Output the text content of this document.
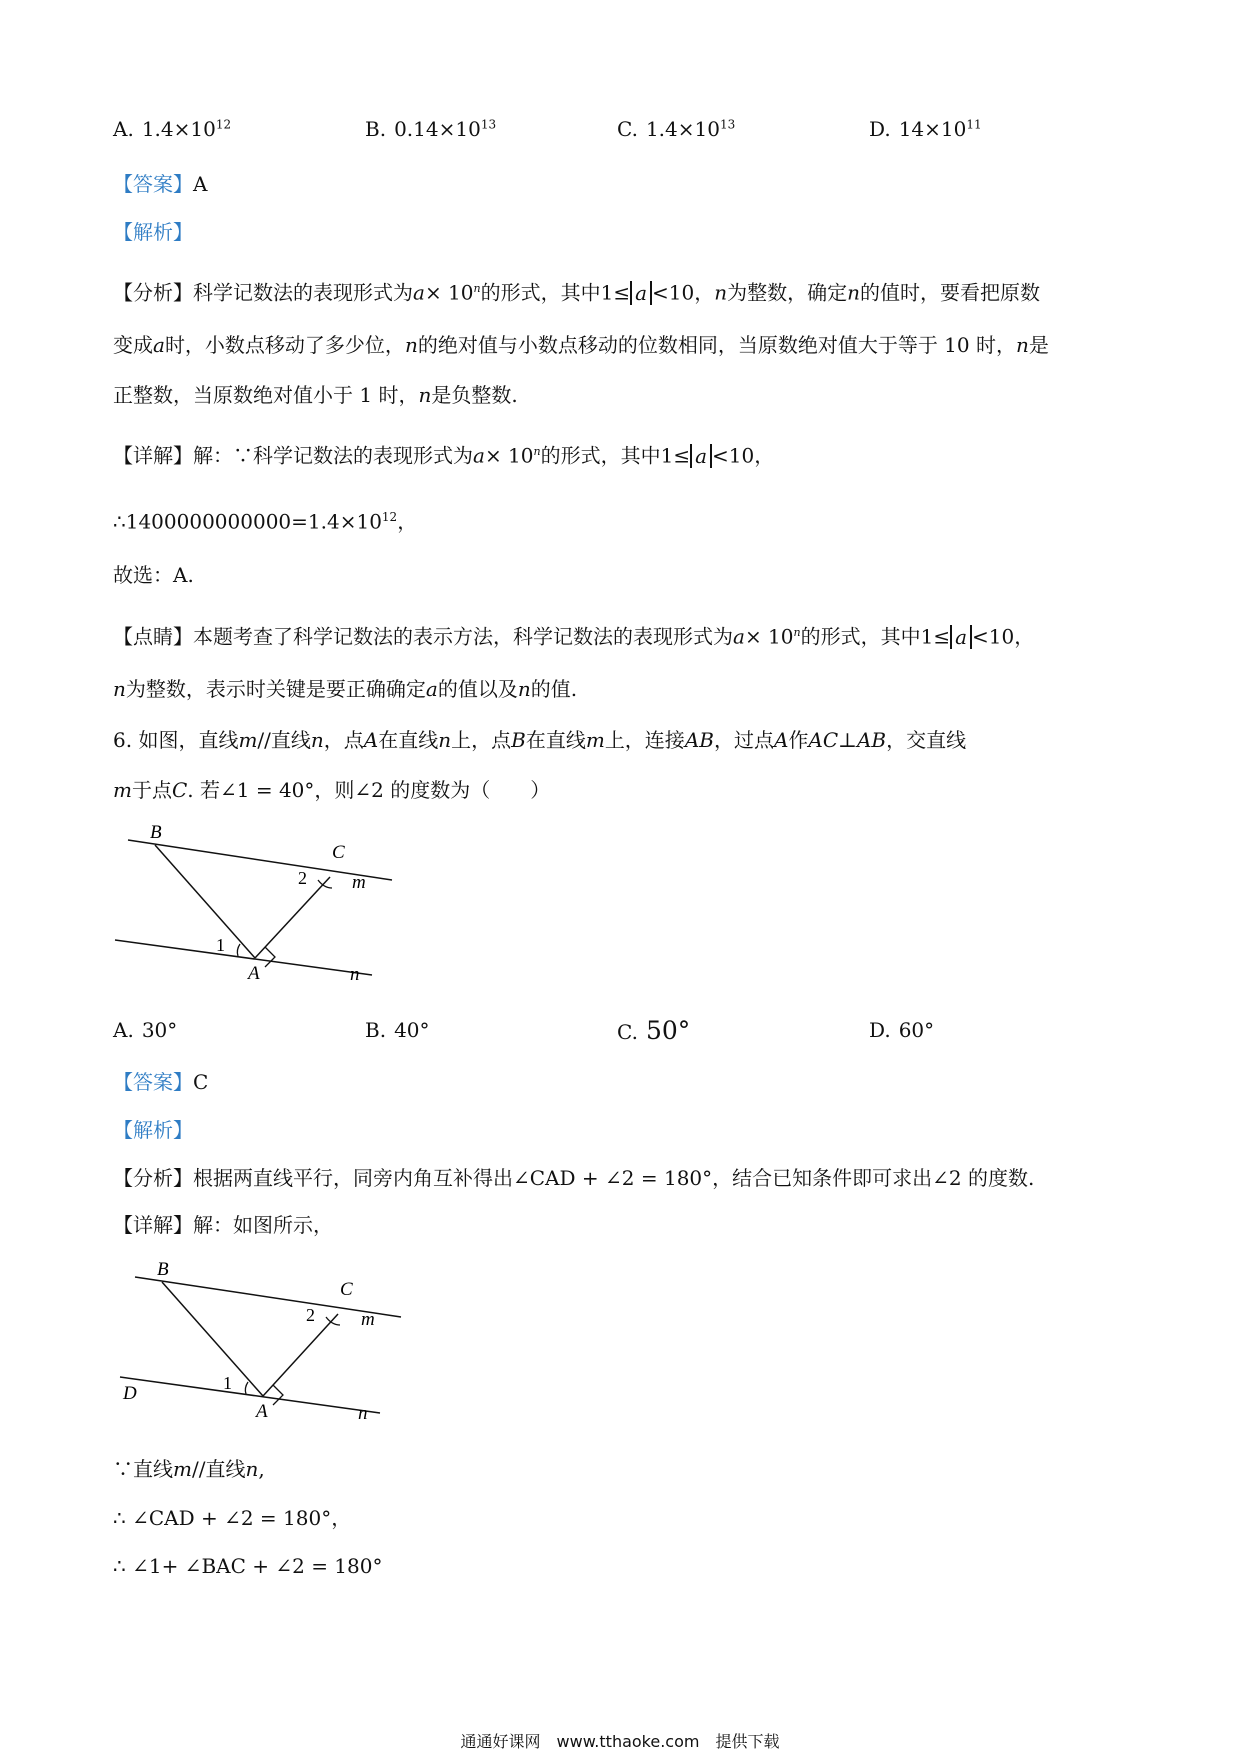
A. $1.4\times 10^{12}$	B. $0.14\times 10^{13}$	C. $1.4\times 10^{13}$	D. $14\times 10^{11}$
【答案】A
【解析】
【分析】科学记数法的表现形式为$a\times 10^n$的形式，其中1≤ a <10，n为整数，确定n的值时，要看把原数
变成a时，小数点移动了多少位，n的绝对值与小数点移动的位数相同，当原数绝对值大于等于 10 时，n是
正整数，当原数绝对值小于 1 时，n是负整数.
【详解】解：∵科学记数法的表现形式为$a\times 10^n$的形式，其中1≤ a <10，
$\therefore 1400000000000=1.4\times 10^{12}$，
故选：A.
【点睛】本题考查了科学记数法的表示方法，科学记数法的表现形式为$a\times 10^n$的形式，其中1≤ a <10，
n为整数，表示时关键是要正确确定a的值以及n的值.
6. 如图，直线m//直线n，点A在直线n上，点B在直线m上，连接AB，过点A作AC⊥AB，交直线
m于点C. 若∠1 = 40°，则∠2 的度数为（　　）
B
C
m
n
A
1
2
A. 30°	B. 40°	C. 50°	D. 60°
【答案】C
【解析】
【分析】根据两直线平行，同旁内角互补得出∠CAD + ∠2 = 180°，结合已知条件即可求出∠2 的度数.
【详解】解：如图所示，
B
C
m
D
n
A
1
2
∵直线m//直线n,
∴ ∠CAD + ∠2 = 180°，
∴ ∠1+ ∠BAC + ∠2 = 180°
通通好课网　www.tthaoke.com　提供下载
